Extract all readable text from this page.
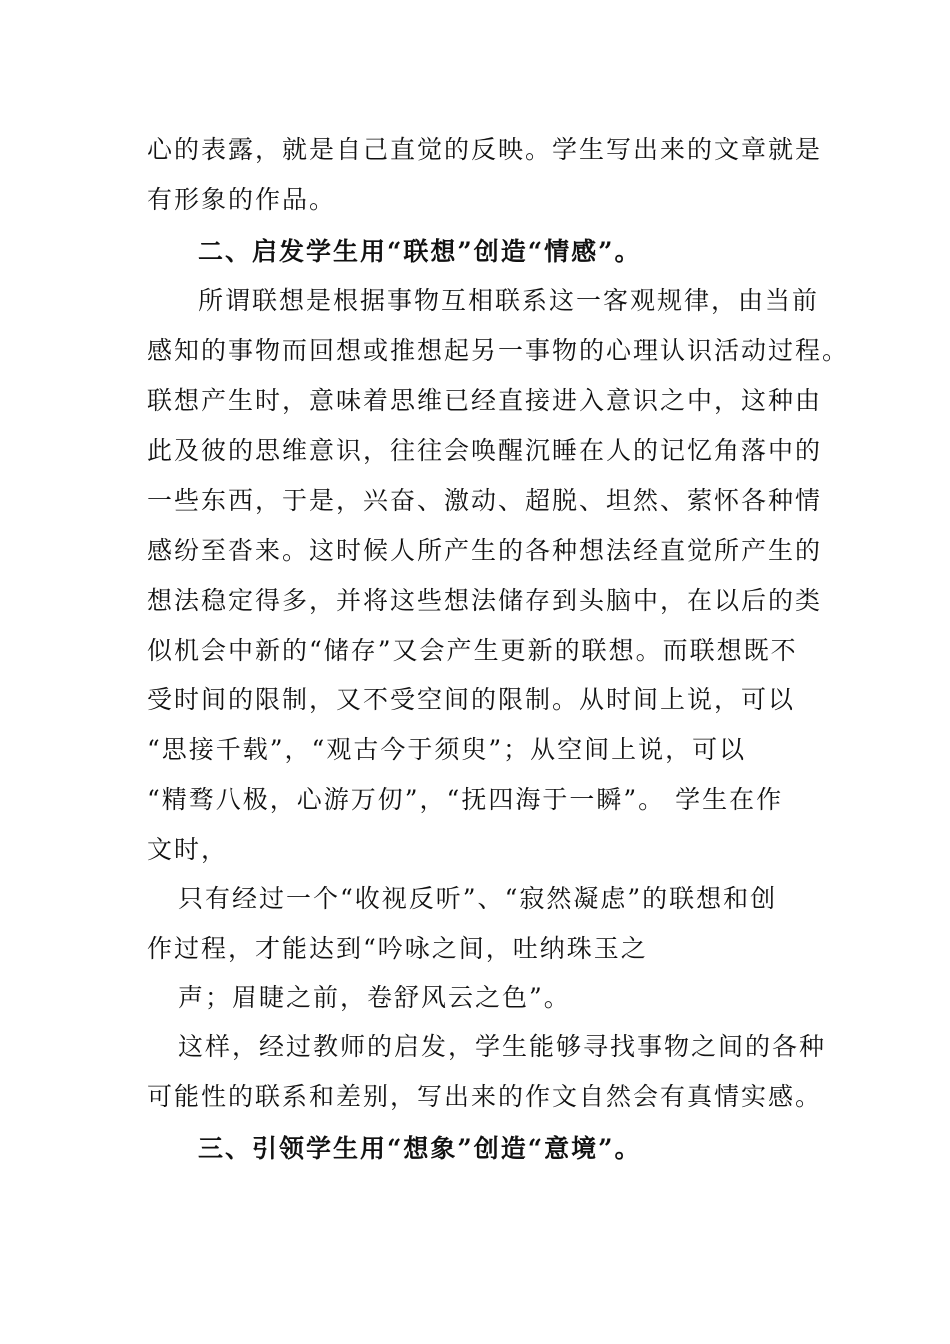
心的表露，就是自己直觉的反映。学生写出来的文章就是
有形象的作品。
二、启发学生用“联想”创造“情感”。
所谓联想是根据事物互相联系这一客观规律，由当前
感知的事物而回想或推想起另一事物的心理认识活动过程。
联想产生时，意味着思维已经直接进入意识之中，这种由
此及彼的思维意识，往往会唤醒沉睡在人的记忆角落中的
一些东西，于是，兴奋、激动、超脱、坦然、萦怀各种情
感纷至沓来。这时候人所产生的各种想法经直觉所产生的
想法稳定得多，并将这些想法储存到头脑中，在以后的类
似机会中新的“储存”又会产生更新的联想。而联想既不
受时间的限制，又不受空间的限制。从时间上说，可以
“思接千载”，“观古今于须臾”；从空间上说，可以
“精骛八极，心游万仞”，“抚四海于一瞬”。 学生在作
文时，
只有经过一个“收视反听”、“寂然凝虑”的联想和创
作过程，才能达到“吟咏之间，吐纳珠玉之
声；眉睫之前，卷舒风云之色”。
这样，经过教师的启发，学生能够寻找事物之间的各种
可能性的联系和差别，写出来的作文自然会有真情实感。
三、引领学生用“想象”创造“意境”。
